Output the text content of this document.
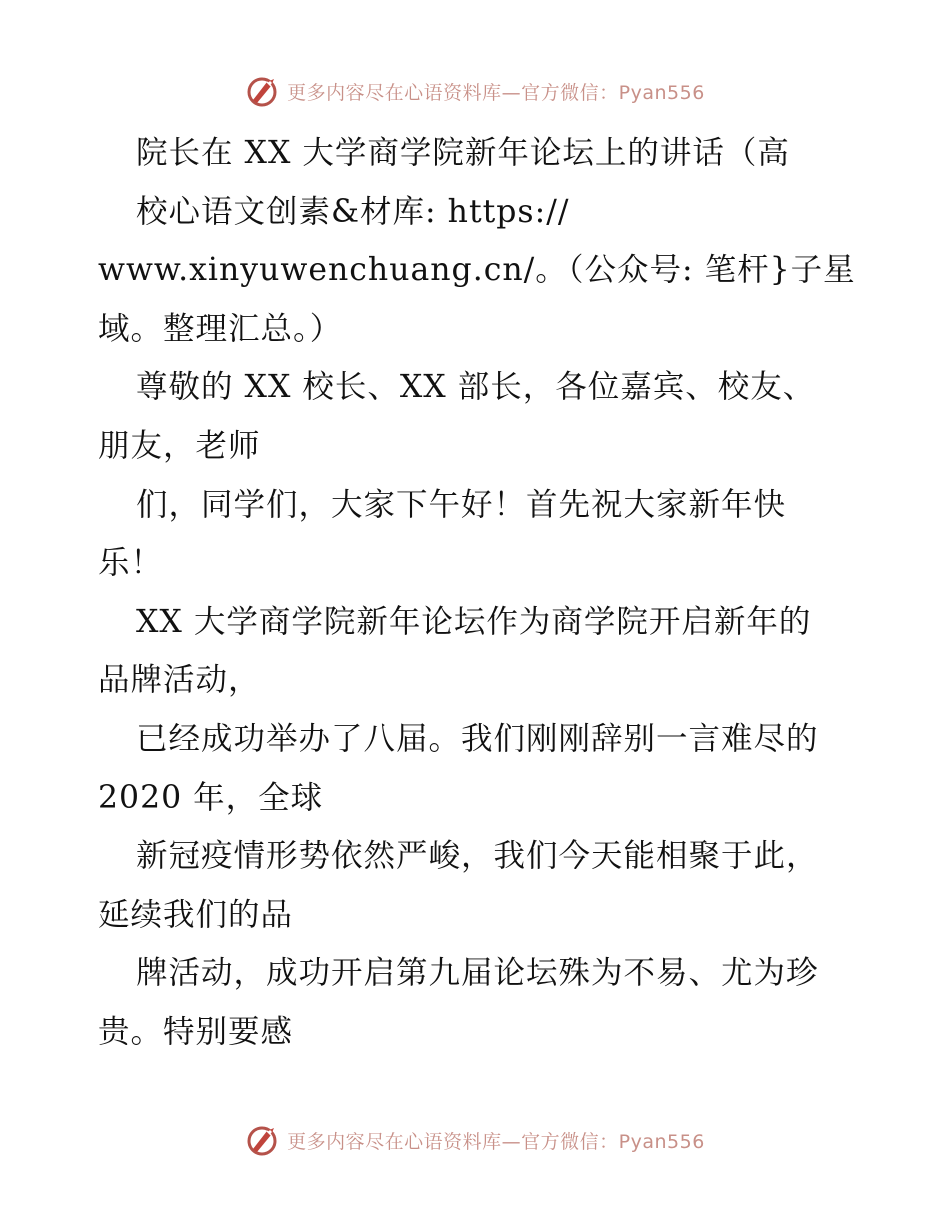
更多内容尽在心语资料库—官方微信：Pyan556
院长在 XX 大学商学院新年论坛上的讲话（高
校心语文创素&材库: https://
www.xinyuwenchuang.cn/。（公众号: 笔杆}子星
域。整理汇总。）
尊敬的 XX 校长、XX 部长，各位嘉宾、校友、
朋友，老师
们，同学们，大家下午好！首先祝大家新年快
乐！
XX 大学商学院新年论坛作为商学院开启新年的
品牌活动，
已经成功举办了八届。我们刚刚辞别一言难尽的
2020 年，全球
新冠疫情形势依然严峻，我们今天能相聚于此，
延续我们的品
牌活动，成功开启第九届论坛殊为不易、尤为珍
贵。特别要感
更多内容尽在心语资料库—官方微信：Pyan556
